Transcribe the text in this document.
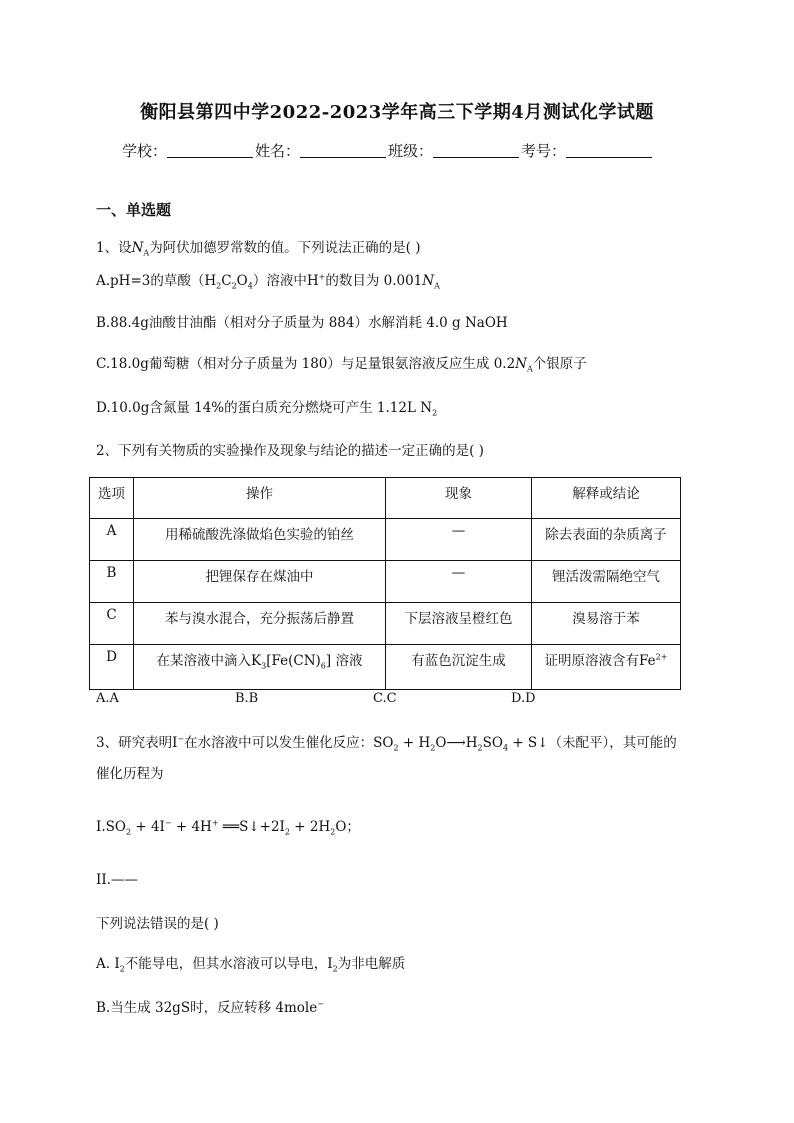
衡阳县第四中学2022-2023学年高三下学期4月测试化学试题
学校：	姓名：	班级：	考号：
一、单选题
1、设$N_A$为阿伏加德罗常数的值。下列说法正确的是( )
A.pH=3的草酸$(H_2C_2O_4)$溶液中H+的数目为 $0.001N_A$
B.88.4g油酸甘油酯（相对分子质量为 884）水解消耗 4.0 g NaOH
C.18.0g葡萄糖（相对分子质量为 180）与足量银氨溶液反应生成 $0.2N_A$个银原子
D.10.0g含氮量 14%的蛋白质充分燃烧可产生 1.12L $N_2$
2、下列有关物质的实验操作及现象与结论的描述一定正确的是( )
选项	操作	现象	解释或结论
A	用稀硫酸洗涤做焰色实验的铂丝	—	除去表面的杂质离子
B	把锂保存在煤油中	—	锂活泼需隔绝空气
C	苯与溴水混合，充分振荡后静置	下层溶液呈橙红色	溴易溶于苯
D	在某溶液中滴入$K_3[Fe(CN)_6]$ 溶液	有蓝色沉淀生成	证明原溶液含有$Fe^{2+}$
A.A	B.B	C.C	D.D
3、研究表明I−在水溶液中可以发生催化反应：$SO_2$ + $H_2O⟶H_2SO_4$ + S↓（未配平），其可能的
催化历程为
$I.SO_2 + 4I^- + 4H^+$ $══S↓+2I_2 + 2H_2O$；
II.——
下列说法错误的是( )
A. $I_2$不能导电，但其水溶液可以导电，$I_2$为非电解质
B.当生成 32gS时，反应转移 4mole−
